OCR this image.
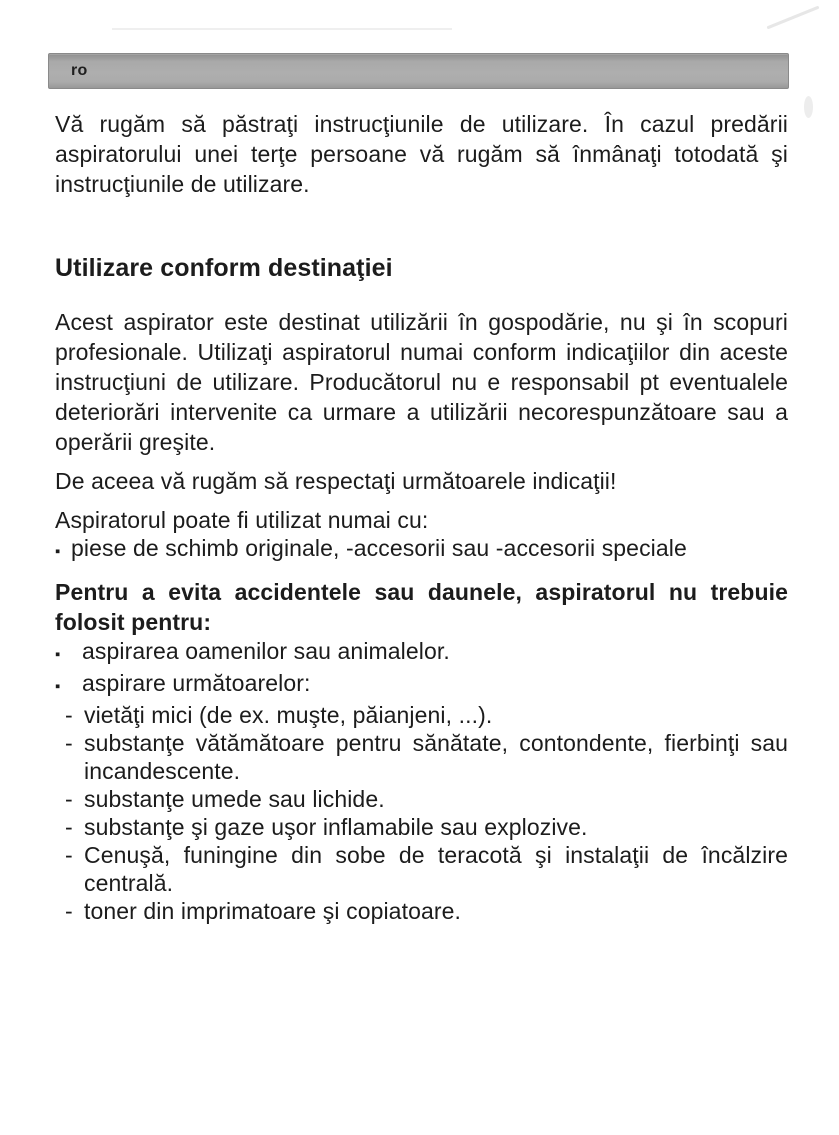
ro

Vă rugăm să păstraţi instrucţiunile de utilizare. În cazul predării aspiratorului unei terţe persoane vă rugăm să înmânaţi totodată şi instrucţiunile de utilizare.

Utilizare conform destinaţiei

Acest aspirator este destinat utilizării în gospodărie, nu şi în scopuri profesionale. Utilizaţi aspiratorul numai conform indicaţiilor din aceste instrucţiuni de utilizare. Producătorul nu e responsabil pt eventualele deteriorări intervenite ca urmare a utilizării necorespunzătoare sau a operării greşite.

De aceea vă rugăm să respectaţi următoarele indicaţii!

Aspiratorul poate fi utilizat numai cu:

▪ piese de schimb originale, -accesorii sau -accesorii speciale

Pentru a evita accidentele sau daunele, aspiratorul nu trebuie folosit pentru:

▪ aspirarea oamenilor sau animalelor.
▪ aspirare următoarelor:
- vietăţi mici (de ex. muşte, păianjeni, ...).
- substanţe vătămătoare pentru sănătate, contondente, fierbinţi sau incandescente.
- substanţe umede sau lichide.
- substanţe şi gaze uşor inflamabile sau explozive.
- Cenuşă, funingine din sobe de teracotă şi instalaţii de încălzire centrală.
- toner din imprimatoare şi copiatoare.
